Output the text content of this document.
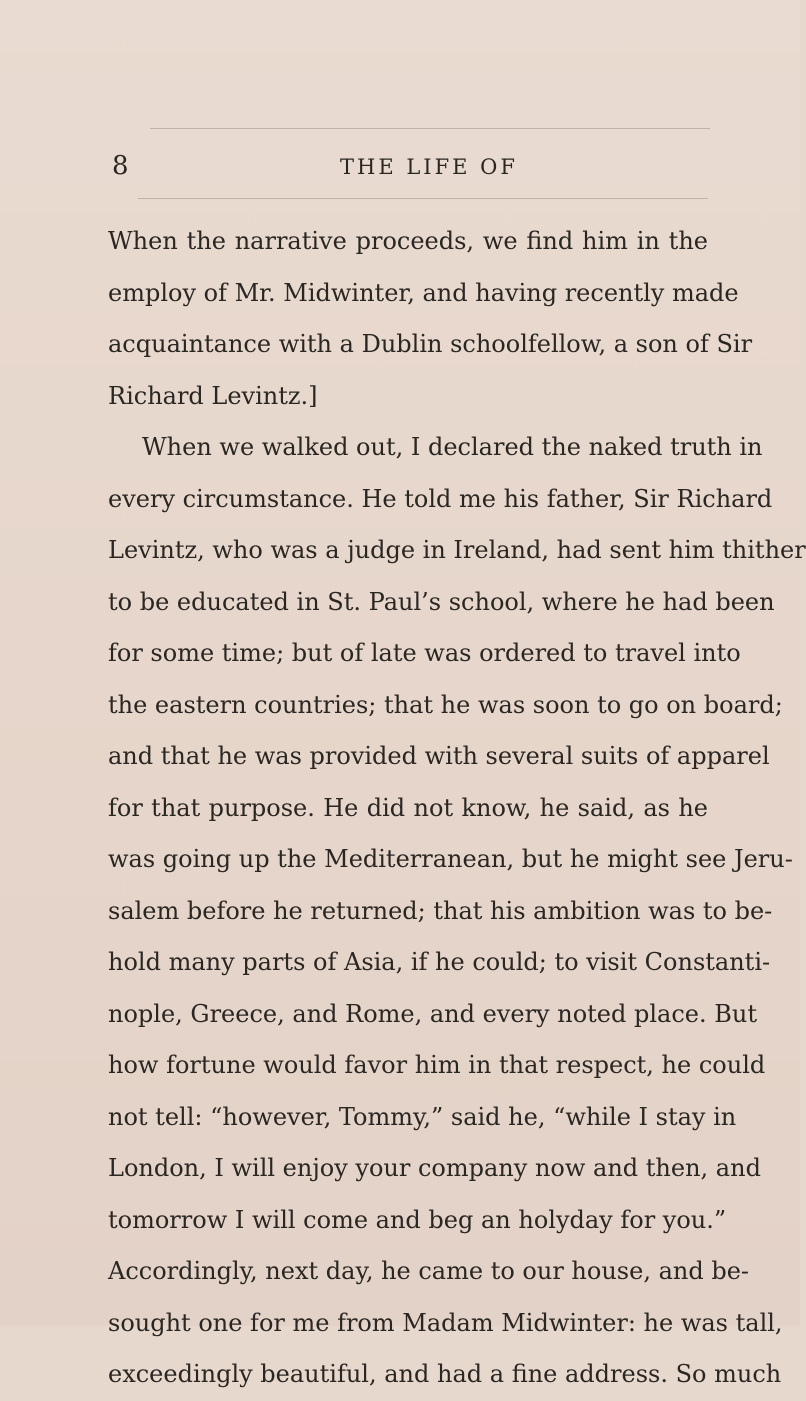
8	THE LIFE OF
When the narrative proceeds, we find him in the
employ of Mr. Midwinter, and having recently made
acquaintance with a Dublin schoolfellow, a son of Sir
Richard Levintz.]
When we walked out, I declared the naked truth in
every circumstance. He told me his father, Sir Richard
Levintz, who was a judge in Ireland, had sent him thither
to be educated in St. Paul’s school, where he had been
for some time; but of late was ordered to travel into
the eastern countries; that he was soon to go on board;
and that he was provided with several suits of apparel
for that purpose. He did not know, he said, as he
was going up the Mediterranean, but he might see Jeru-
salem before he returned; that his ambition was to be-
hold many parts of Asia, if he could; to visit Constanti-
nople, Greece, and Rome, and every noted place. But
how fortune would favor him in that respect, he could
not tell: “however, Tommy,” said he, “while I stay in
London, I will enjoy your company now and then, and
tomorrow I will come and beg an holyday for you.”
Accordingly, next day, he came to our house, and be-
sought one for me from Madam Midwinter: he was tall,
exceedingly beautiful, and had a fine address. So much
